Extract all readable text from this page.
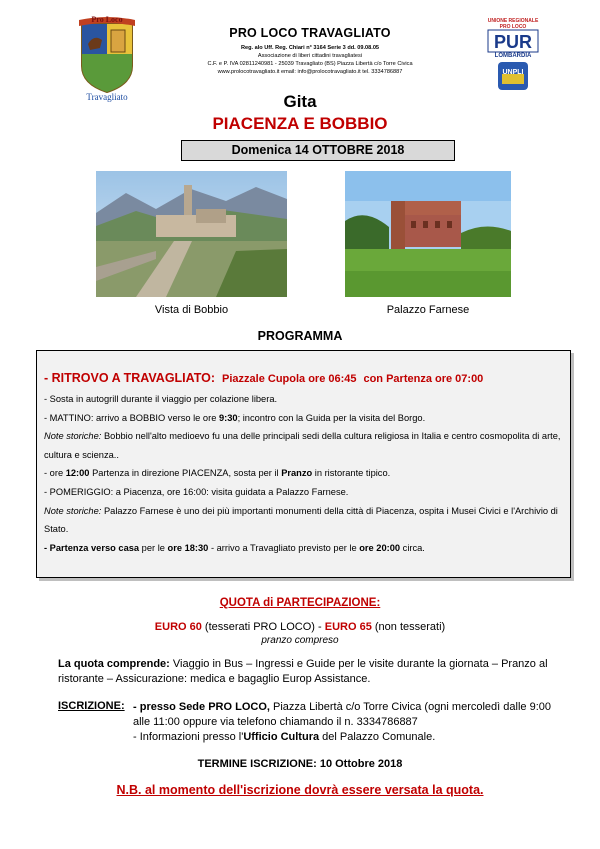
Pro Loco
Travagliato
PRO LOCO TRAVAGLIATO
Reg. alo Uff. Reg. Chiari n° 3164 Serie 3 dd. 09.08.05
Associazione di liberi cittadini travagliatesi
C.F. e P. IVA 02811240981 - 25039 Travagliato (BS) Piazza Libertà c/o Torre Civica
www.prolocotravagliato.it email: info@prolocotravagliato.it tel. 3334786887
PUR
UNIONE REGIONALE PRO LOCO
LOMBARDIA
UNPLI
Gita
PIACENZA E BOBBIO
Domenica 14 OTTOBRE 2018
Vista di Bobbio	Palazzo Farnese
PROGRAMMA
- RITROVO A TRAVAGLIATO: Piazzale Cupola ore 06:45 con Partenza ore 07:00
- Sosta in autogrill durante il viaggio per colazione libera.
- MATTINO: arrivo a BOBBIO verso le ore 9:30; incontro con la Guida per la visita del Borgo.
Note storiche: Bobbio nell'alto medioevo fu una delle principali sedi della cultura religiosa in Italia e centro cosmopolita di arte, cultura e scienza..
- ore 12:00 Partenza in direzione PIACENZA, sosta per il Pranzo in ristorante tipico.
- POMERIGGIO: a Piacenza, ore 16:00: visita guidata a Palazzo Farnese.
Note storiche: Palazzo Farnese è uno dei più importanti monumenti della città di Piacenza, ospita i Musei Civici e l'Archivio di Stato.
- Partenza verso casa per le ore 18:30 - arrivo a Travagliato previsto per le ore 20:00 circa.
QUOTA di PARTECIPAZIONE:
EURO 60 (tesserati PRO LOCO) - EURO 65 (non tesserati)
pranzo compreso
La quota comprende: Viaggio in Bus – Ingressi e Guide per le visite durante la giornata – Pranzo al ristorante – Assicurazione: medica e bagaglio Europ Assistance.
ISCRIZIONE: - presso Sede PRO LOCO, Piazza Libertà c/o Torre Civica (ogni mercoledì dalle 9:00 alle 11:00 oppure via telefono chiamando il n. 3334786887
- Informazioni presso l'Ufficio Cultura del Palazzo Comunale.
TERMINE ISCRIZIONE: 10 Ottobre 2018
N.B. al momento dell'iscrizione dovrà essere versata la quota.
